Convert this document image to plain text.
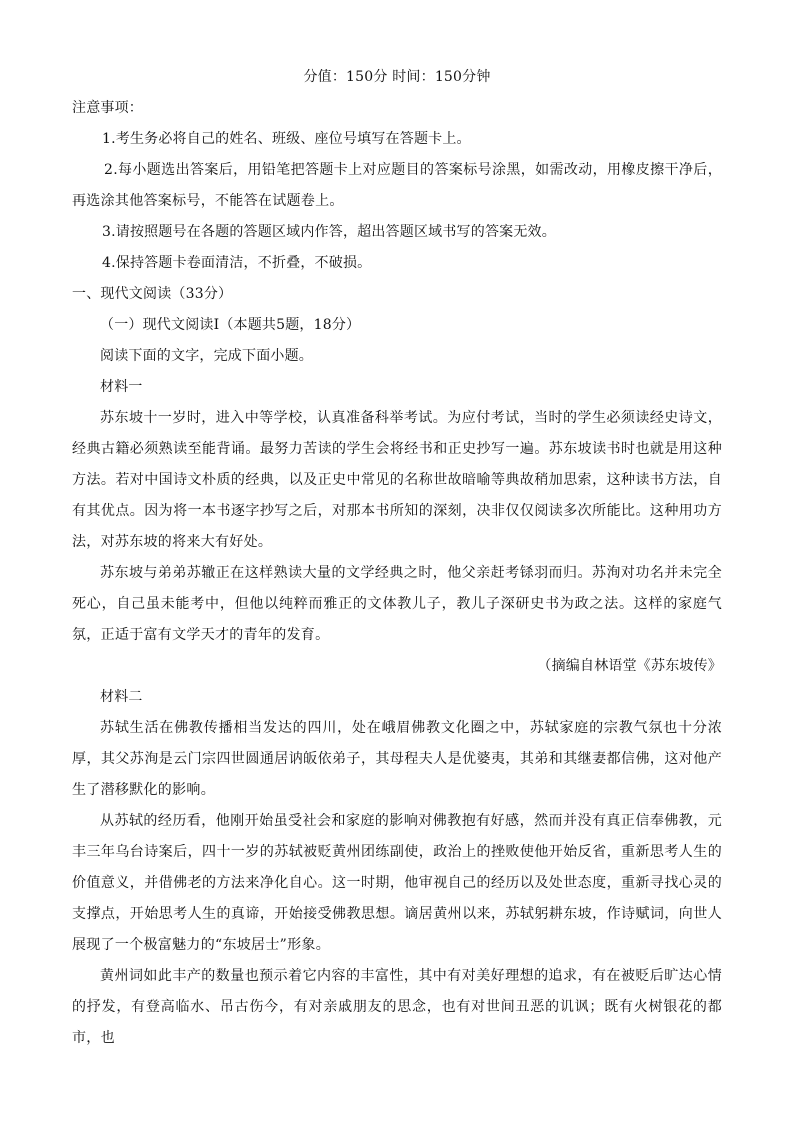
分值：150分 时间：150分钟
注意事项：
1.考生务必将自己的姓名、班级、座位号填写在答题卡上。
2.每小题选出答案后，用铅笔把答题卡上对应题目的答案标号涂黑，如需改动，用橡皮擦干净后，再选涂其他答案标号，不能答在试题卷上。
3.请按照题号在各题的答题区域内作答，超出答题区域书写的答案无效。
4.保持答题卡卷面清洁，不折叠，不破损。
一、现代文阅读（33分）
（一）现代文阅读Ⅰ（本题共5题，18分）
阅读下面的文字，完成下面小题。
材料一
苏东坡十一岁时，进入中等学校，认真准备科举考试。为应付考试，当时的学生必须读经史诗文，经典古籍必须熟读至能背诵。最努力苦读的学生会将经书和正史抄写一遍。苏东坡读书时也就是用这种方法。若对中国诗文朴质的经典，以及正史中常见的名称世故暗喻等典故稍加思索，这种读书方法，自有其优点。因为将一本书逐字抄写之后，对那本书所知的深刻，决非仅仅阅读多次所能比。这种用功方法，对苏东坡的将来大有好处。
苏东坡与弟弟苏辙正在这样熟读大量的文学经典之时，他父亲赶考铩羽而归。苏洵对功名并未完全死心，自己虽未能考中，但他以纯粹而雅正的文体教儿子，教儿子深研史书为政之法。这样的家庭气氛，正适于富有文学天才的青年的发育。
（摘编自林语堂《苏东坡传》
材料二
苏轼生活在佛教传播相当发达的四川，处在峨眉佛教文化圈之中，苏轼家庭的宗教气氛也十分浓厚，其父苏洵是云门宗四世圆通居讷皈依弟子，其母程夫人是优婆夷，其弟和其继妻都信佛，这对他产生了潜移默化的影响。
从苏轼的经历看，他刚开始虽受社会和家庭的影响对佛教抱有好感，然而并没有真正信奉佛教，元丰三年乌台诗案后，四十一岁的苏轼被贬黄州团练副使，政治上的挫败使他开始反省，重新思考人生的价值意义，并借佛老的方法来净化自心。这一时期，他审视自己的经历以及处世态度，重新寻找心灵的支撑点，开始思考人生的真谛，开始接受佛教思想。谪居黄州以来，苏轼躬耕东坡，作诗赋词，向世人展现了一个极富魅力的“东坡居士”形象。
黄州词如此丰产的数量也预示着它内容的丰富性，其中有对美好理想的追求，有在被贬后旷达心情的抒发，有登高临水、吊古伤今，有对亲戚朋友的思念，也有对世间丑恶的讥讽；既有火树银花的都市，也
